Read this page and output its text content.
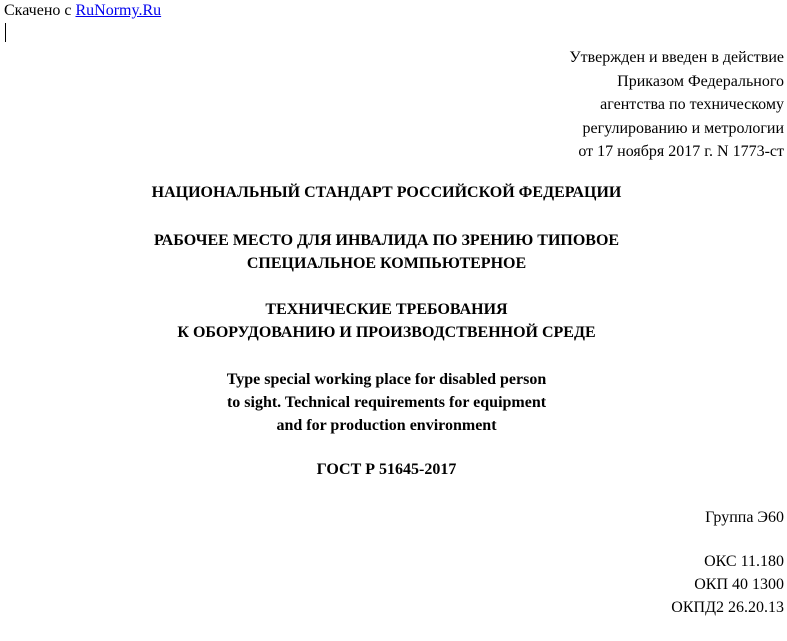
Скачено с RuNormy.Ru
Утвержден и введен в действие
Приказом Федерального
агентства по техническому
регулированию и метрологии
от 17 ноября 2017 г. N 1773-ст
НАЦИОНАЛЬНЫЙ СТАНДАРТ РОССИЙСКОЙ ФЕДЕРАЦИИ
РАБОЧЕЕ МЕСТО ДЛЯ ИНВАЛИДА ПО ЗРЕНИЮ ТИПОВОЕ
СПЕЦИАЛЬНОЕ КОМПЬЮТЕРНОЕ
ТЕХНИЧЕСКИЕ ТРЕБОВАНИЯ
К ОБОРУДОВАНИЮ И ПРОИЗВОДСТВЕННОЙ СРЕДЕ
Type special working place for disabled person
to sight. Technical requirements for equipment
and for production environment
ГОСТ Р 51645-2017
Группа Э60
ОКС 11.180
ОКП 40 1300
ОКПД2 26.20.13
